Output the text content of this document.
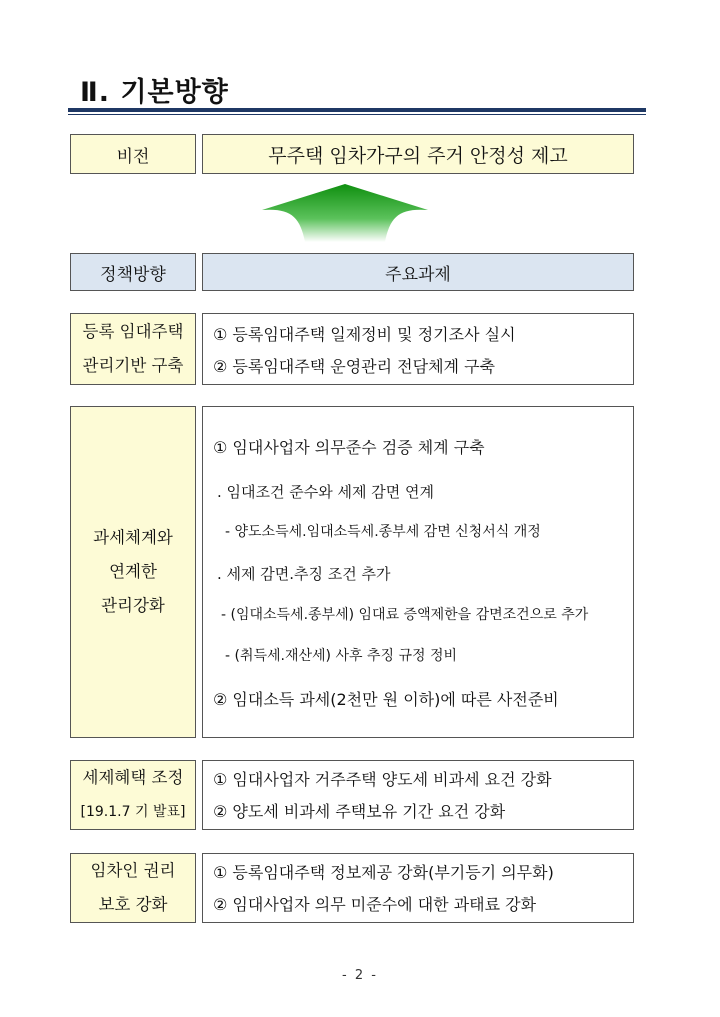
Ⅱ. 기본방향
비전	무주택 임차가구의 주거 안정성 제고
정책방향	주요과제
등록 임대주택
관리기반 구축
① 등록임대주택 일제정비 및 정기조사 실시
② 등록임대주택 운영관리 전담체계 구축
과세체계와
연계한
관리강화
① 임대사업자 의무준수 검증 체계 구축
. 임대조건 준수와 세제 감면 연계
- 양도소득세.임대소득세.종부세 감면 신청서식 개정
. 세제 감면.추징 조건 추가
- (임대소득세.종부세) 임대료 증액제한을 감면조건으로 추가
- (취득세.재산세) 사후 추징 규정 정비
② 임대소득 과세(2천만 원 이하)에 따른 사전준비
세제혜택 조정
[19.1.7 기 발표]
① 임대사업자 거주주택 양도세 비과세 요건 강화
② 양도세 비과세 주택보유 기간 요건 강화
임차인 권리
보호 강화
① 등록임대주택 정보제공 강화(부기등기 의무화)
② 임대사업자 의무 미준수에 대한 과태료 강화
- 2 -
